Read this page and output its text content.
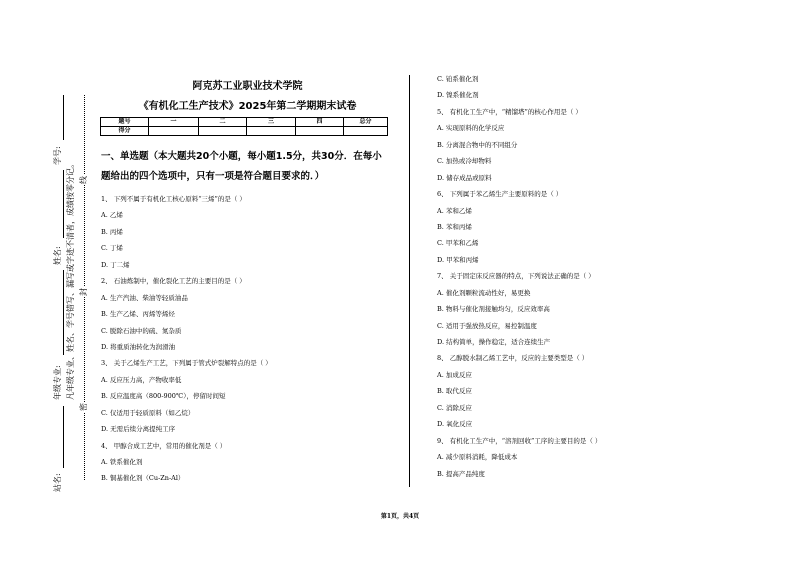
站名:
年级专业:
姓名:
学号:
凡年级专业、姓名、学号错写、漏写或字迹不清者，成绩按零分记。
密
封
线
阿克苏工业职业技术学院
《有机化工生产技术》2025年第二学期期末试卷
题号	一	二	三	四	总分
得分					
一、单选题（本大题共20个小题，每小题1.5分，共30分．在每小
题给出的四个选项中，只有一项是符合题目要求的．）
1、 下列不属于有机化工核心原料“三烯”的是（ ）
A. 乙烯
B. 丙烯
C. 丁烯
D. 丁二烯
2、 石油炼制中，催化裂化工艺的主要目的是（ ）
A. 生产汽油、柴油等轻质油品
B. 生产乙烯、丙烯等烯烃
C. 脱除石油中的硫、氮杂质
D. 将重质油转化为润滑油
3、 关于乙烯生产工艺，下列属于管式炉裂解特点的是（ ）
A. 反应压力高，产物收率低
B. 反应温度高（800-900℃），停留时间短
C. 仅适用于轻质原料（如乙烷）
D. 无需后续分离提纯工序
4、 甲醇合成工艺中，常用的催化剂是（ ）
A. 铁系催化剂
B. 铜基催化剂（Cu-Zn-Al）
C. 铂系催化剂
D. 镍系催化剂
5、 有机化工生产中，“精馏塔”的核心作用是（ ）
A. 实现原料的化学反应
B. 分离混合物中的不同组分
C. 加热或冷却物料
D. 储存成品或原料
6、 下列属于苯乙烯生产主要原料的是（ ）
A. 苯和乙烯
B. 苯和丙烯
C. 甲苯和乙烯
D. 甲苯和丙烯
7、 关于固定床反应器的特点，下列说法正确的是（ ）
A. 催化剂颗粒流动性好，易更换
B. 物料与催化剂接触均匀，反应效率高
C. 适用于强放热反应，易控制温度
D. 结构简单，操作稳定，适合连续生产
8、 乙醇脱水制乙烯工艺中，反应的主要类型是（ ）
A. 加成反应
B. 取代反应
C. 消除反应
D. 氧化反应
9、 有机化工生产中，“溶剂回收”工序的主要目的是（ ）
A. 减少原料消耗，降低成本
B. 提高产品纯度
第1页，共4页
